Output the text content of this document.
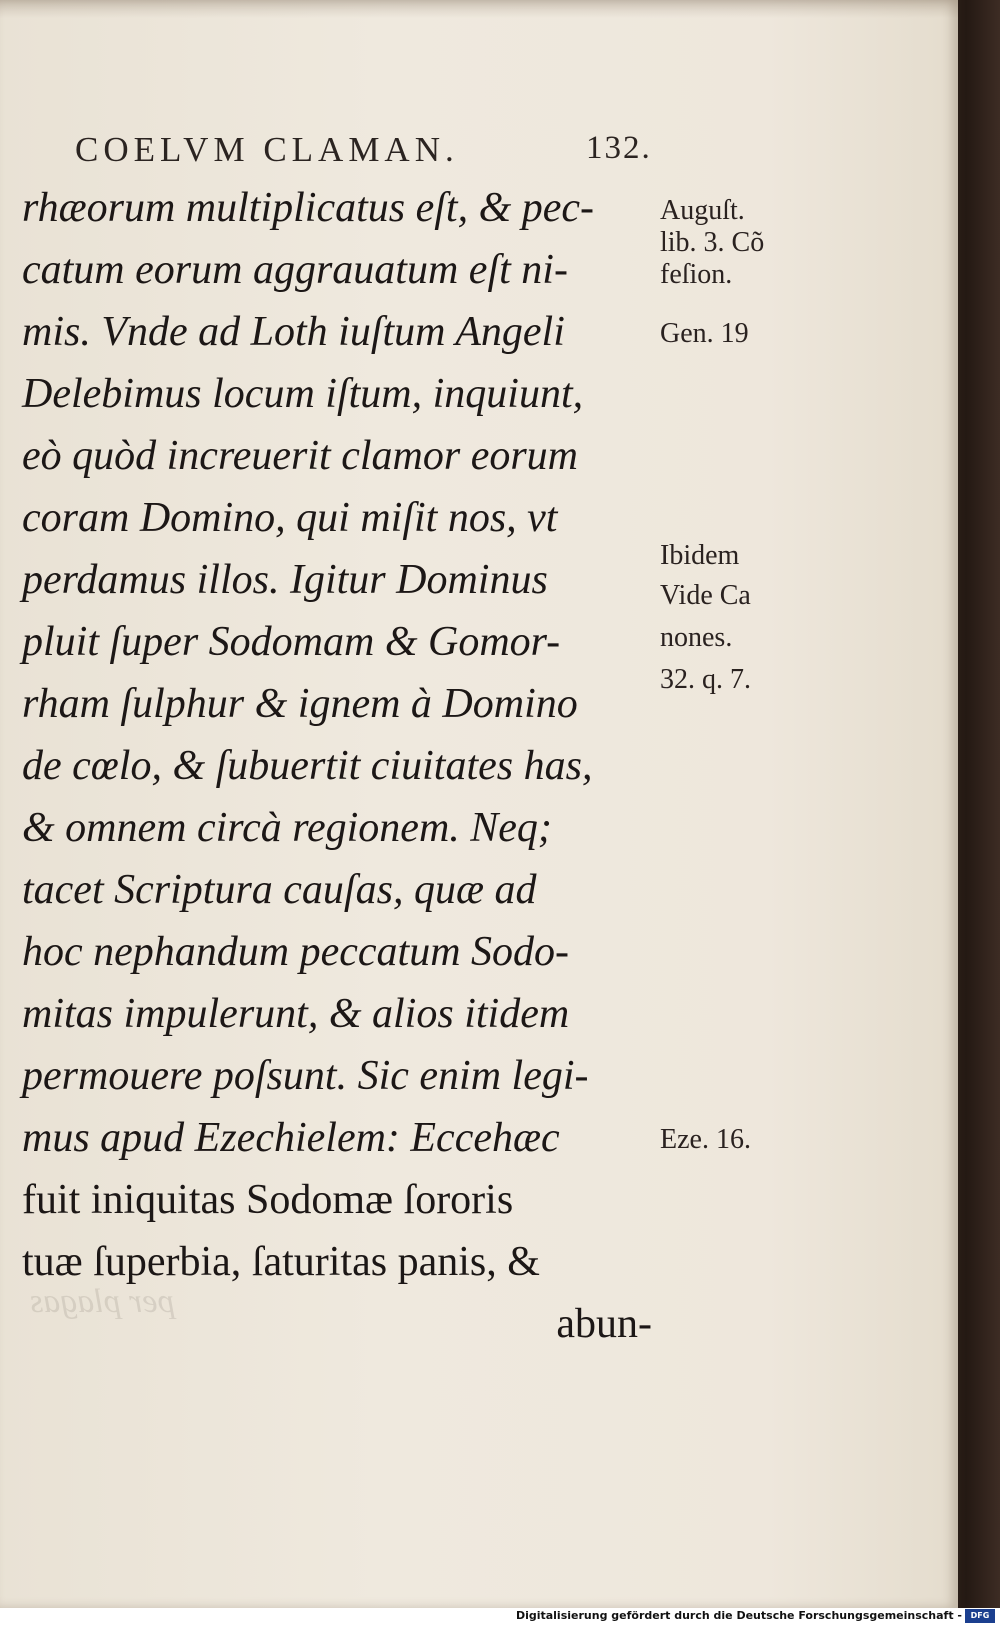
COELVM CLAMAN.	132.
rhæorum multiplicatus eſt, & pec-
catum eorum aggrauatum eſt ni-
mis. Vnde ad Loth iuſtum Angeli
Delebimus locum iſtum, inquiunt,
eò quòd increuerit clamor eorum
coram Domino, qui miſit nos, vt
perdamus illos. Igitur Dominus
pluit ſuper Sodomam & Gomor-
rham ſulphur & ignem à Domino
de cœlo, & ſubuertit ciuitates has,
& omnem circà regionem. Neq;
tacet Scriptura cauſas, quæ ad
hoc nephandum peccatum Sodo-
mitas impulerunt, & alios itidem
permouere poſsunt. Sic enim legi-
mus apud Ezechielem: Eccehæc
fuit iniquitas Sodomæ ſororis
tuæ ſuperbia, ſaturitas panis, &
abun-
Auguſt.
lib. 3. Cõ
feſion.
Gen. 19
Ibidem
Vide Ca
nones.
32. q. 7.
Eze. 16.
per plagas
Digitalisierung gefördert durch die Deutsche Forschungsgemeinschaft -	DFG
